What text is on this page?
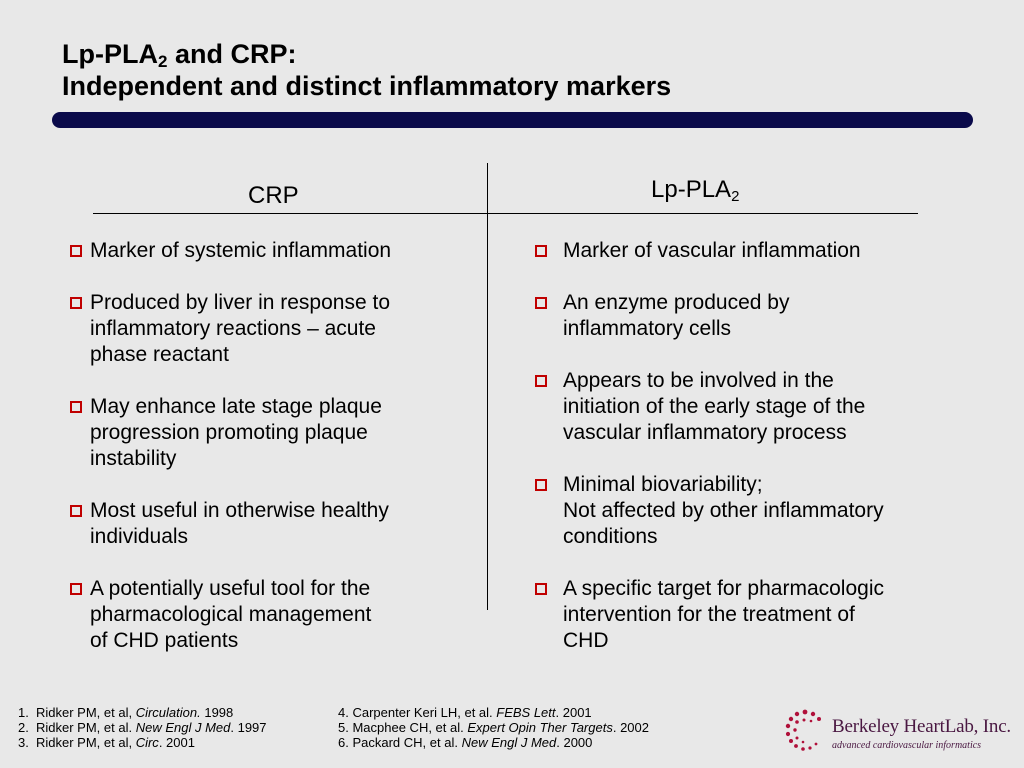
$Lp-PLA_2$ and CRP:
Independent and distinct inflammatory markers
CRP	$Lp-PLA_2$
Marker of systemic inflammation
Produced by liver in response to
inflammatory reactions – acute
phase reactant
May enhance late stage plaque
progression promoting plaque
instability
Most useful in otherwise healthy
individuals
A potentially useful tool for the
pharmacological management
of CHD patients
Marker of vascular inflammation
An enzyme produced by
inflammatory cells
Appears to be involved in the
initiation of the early stage of the
vascular inflammatory process
Minimal biovariability;
Not affected by other inflammatory
conditions
A specific target for pharmacologic
intervention for the treatment of
CHD
1. Ridker PM, et al, Circulation. 1998
2. Ridker PM, et al. New Engl J Med. 1997
3. Ridker PM, et al, Circ. 2001
4. Carpenter Keri LH, et al. FEBS Lett. 2001
5. Macphee CH, et al. Expert Opin Ther Targets. 2002
6. Packard CH, et al. New Engl J Med. 2000
Berkeley HeartLab, Inc.
advanced cardiovascular informatics
